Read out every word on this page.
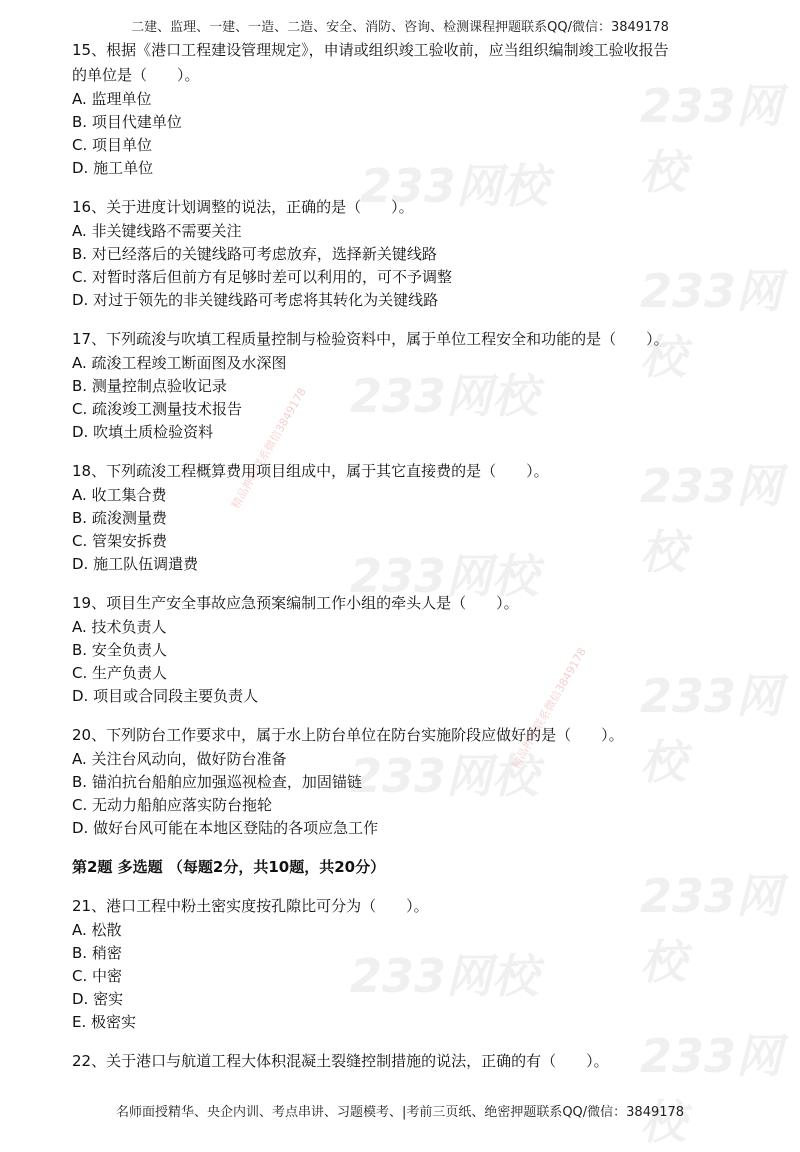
二建、监理、一建、一造、二造、安全、消防、咨询、检测课程押题联系QQ/微信：3849178
233网校
233网校
233网校
233网校
233网校
233网校
233网校
233网校
233网校
233网校
233网校
精品押题联系微信3849178
精品押题联系微信3849178
15、根据《港口工程建设管理规定》，申请或组织竣工验收前，应当组织编制竣工验收报告
的单位是（　　）。
A. 监理单位
B. 项目代建单位
C. 项目单位
D. 施工单位
16、关于进度计划调整的说法，正确的是（　　）。
A. 非关键线路不需要关注
B. 对已经落后的关键线路可考虑放弃，选择新关键线路
C. 对暂时落后但前方有足够时差可以利用的，可不予调整
D. 对过于领先的非关键线路可考虑将其转化为关键线路
17、下列疏浚与吹填工程质量控制与检验资料中，属于单位工程安全和功能的是（　　）。
A. 疏浚工程竣工断面图及水深图
B. 测量控制点验收记录
C. 疏浚竣工测量技术报告
D. 吹填土质检验资料
18、下列疏浚工程概算费用项目组成中，属于其它直接费的是（　　）。
A. 收工集合费
B. 疏浚测量费
C. 管架安拆费
D. 施工队伍调遣费
19、项目生产安全事故应急预案编制工作小组的牵头人是（　　）。
A. 技术负责人
B. 安全负责人
C. 生产负责人
D. 项目或合同段主要负责人
20、下列防台工作要求中，属于水上防台单位在防台实施阶段应做好的是（　　）。
A. 关注台风动向，做好防台准备
B. 锚泊抗台船舶应加强巡视检查，加固锚链
C. 无动力船舶应落实防台拖轮
D. 做好台风可能在本地区登陆的各项应急工作
第2题 多选题 （每题2分，共10题，共20分）
21、港口工程中粉土密实度按孔隙比可分为（　　）。
A. 松散
B. 稍密
C. 中密
D. 密实
E. 极密实
22、关于港口与航道工程大体积混凝土裂缝控制措施的说法，正确的有（　　）。
名师面授精华、央企内训、考点串讲、习题模考、|考前三页纸、绝密押题联系QQ/微信：3849178
